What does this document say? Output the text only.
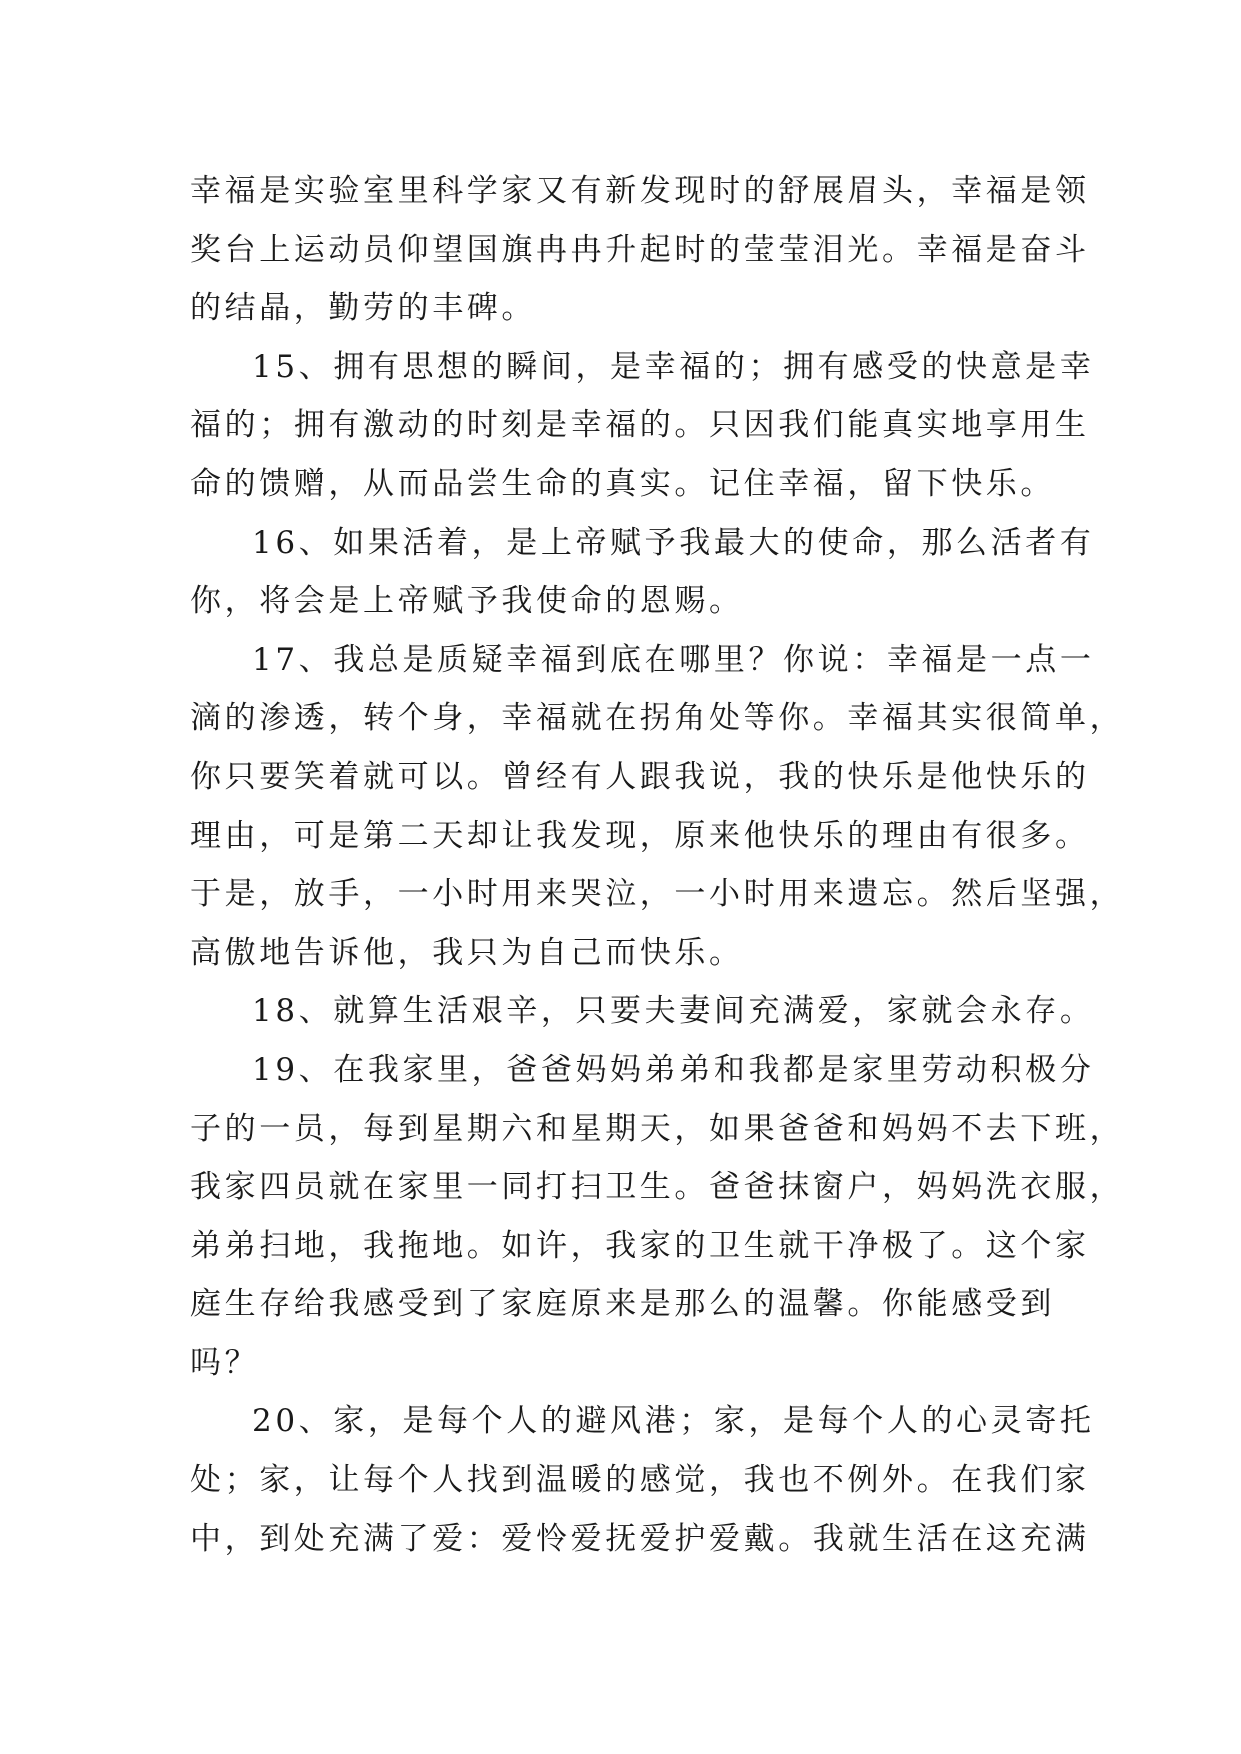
幸福是实验室里科学家又有新发现时的舒展眉头，幸福是领
奖台上运动员仰望国旗冉冉升起时的莹莹泪光。幸福是奋斗
的结晶，勤劳的丰碑。
15、拥有思想的瞬间，是幸福的；拥有感受的快意是幸
福的；拥有激动的时刻是幸福的。只因我们能真实地享用生
命的馈赠，从而品尝生命的真实。记住幸福，留下快乐。
16、如果活着，是上帝赋予我最大的使命，那么活者有
你，将会是上帝赋予我使命的恩赐。
17、我总是质疑幸福到底在哪里？你说：幸福是一点一
滴的渗透，转个身，幸福就在拐角处等你。幸福其实很简单，
你只要笑着就可以。曾经有人跟我说，我的快乐是他快乐的
理由，可是第二天却让我发现，原来他快乐的理由有很多。
于是，放手，一小时用来哭泣，一小时用来遗忘。然后坚强，
高傲地告诉他，我只为自己而快乐。
18、就算生活艰辛，只要夫妻间充满爱，家就会永存。
19、在我家里，爸爸妈妈弟弟和我都是家里劳动积极分
子的一员，每到星期六和星期天，如果爸爸和妈妈不去下班，
我家四员就在家里一同打扫卫生。爸爸抹窗户，妈妈洗衣服，
弟弟扫地，我拖地。如许，我家的卫生就干净极了。这个家
庭生存给我感受到了家庭原来是那么的温馨。你能感受到
吗？
20、家，是每个人的避风港；家，是每个人的心灵寄托
处；家，让每个人找到温暖的感觉，我也不例外。在我们家
中，到处充满了爱：爱怜爱抚爱护爱戴。我就生活在这充满
